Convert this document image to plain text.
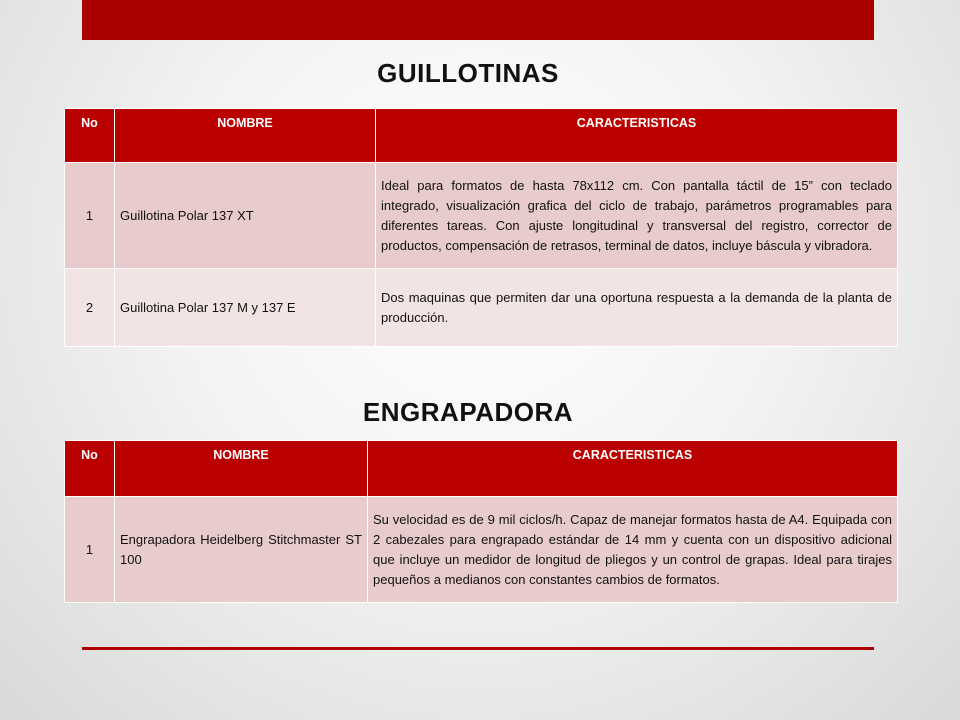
GUILLOTINAS
No	NOMBRE	CARACTERISTICAS
1	Guillotina Polar 137 XT	Ideal para formatos de hasta 78x112 cm. Con pantalla táctil de 15” con teclado integrado, visualización grafica del ciclo de trabajo, parámetros programables para diferentes tareas. Con ajuste longitudinal y transversal del registro, corrector de productos, compensación de retrasos, terminal de datos, incluye báscula y vibradora.
2	Guillotina Polar 137 M y 137 E	Dos maquinas que permiten dar una oportuna respuesta a la demanda de la planta de producción.
ENGRAPADORA
No	NOMBRE	CARACTERISTICAS
1	Engrapadora Heidelberg Stitchmaster ST 100	Su velocidad es de 9 mil ciclos/h. Capaz de manejar formatos hasta de A4. Equipada con 2 cabezales para engrapado estándar de 14 mm y cuenta con un dispositivo adicional que incluye un medidor de longitud de pliegos y un control de grapas. Ideal para tirajes pequeños a medianos con constantes cambios de formatos.
